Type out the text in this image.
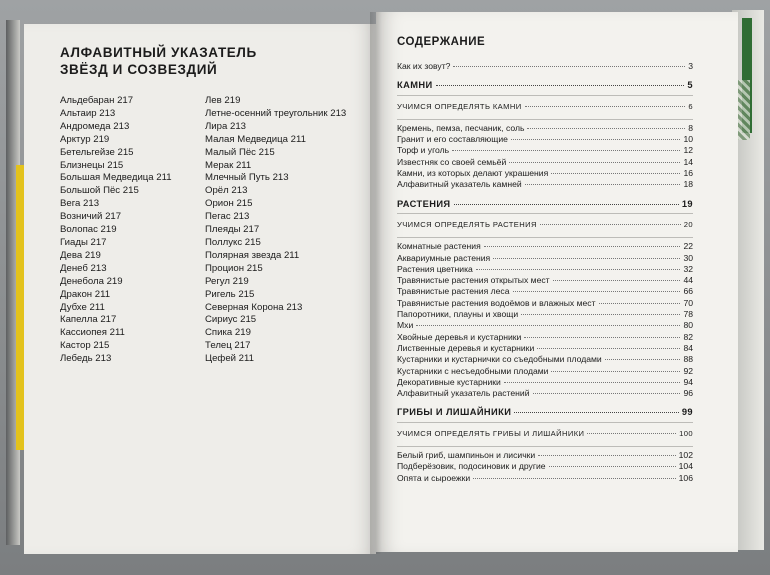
АЛФАВИТНЫЙ УКАЗАТЕЛЬ
ЗВЁЗД И СОЗВЕЗДИЙ
Альдебаран 217
Альтаир 213
Андромеда 213
Арктур 219
Бетельгейзе 215
Близнецы 215
Большая Медведица 211
Большой Пёс 215
Вега 213
Возничий 217
Волопас 219
Гиады 217
Дева 219
Денеб 213
Денебола 219
Дракон 211
Дубхе 211
Капелла 217
Кассиопея 211
Кастор 215
Лебедь 213
Лев 219
Летне-осенний треугольник 213
Лира 213
Малая Медведица 211
Малый Пёс 215
Мерак 211
Млечный Путь 213
Орёл 213
Орион 215
Пегас 213
Плеяды 217
Поллукс 215
Полярная звезда 211
Процион 215
Регул 219
Ригель 215
Северная Корона 213
Сириус 215
Спика 219
Телец 217
Цефей 211
СОДЕРЖАНИЕ
Как их зовут?	3
КАМНИ	5
УЧИМСЯ ОПРЕДЕЛЯТЬ КАМНИ	6
Кремень, пемза, песчаник, соль	8
Гранит и его составляющие	10
Торф и уголь	12
Известняк со своей семьёй	14
Камни, из которых делают украшения	16
Алфавитный указатель камней	18
РАСТЕНИЯ	19
УЧИМСЯ ОПРЕДЕЛЯТЬ РАСТЕНИЯ	20
Комнатные растения	22
Аквариумные растения	30
Растения цветника	32
Травянистые растения открытых мест	44
Травянистые растения леса	66
Травянистые растения водоёмов и влажных мест	70
Папоротники, плауны и хвощи	78
Мхи	80
Хвойные деревья и кустарники	82
Лиственные деревья и кустарники	84
Кустарники и кустарнички со съедобными плодами	88
Кустарники с несъедобными плодами	92
Декоративные кустарники	94
Алфавитный указатель растений	96
ГРИБЫ И ЛИШАЙНИКИ	99
УЧИМСЯ ОПРЕДЕЛЯТЬ ГРИБЫ И ЛИШАЙНИКИ	100
Белый гриб, шампиньон и лисички	102
Подберёзовик, подосиновик и другие	104
Опята и сыроежки	106
